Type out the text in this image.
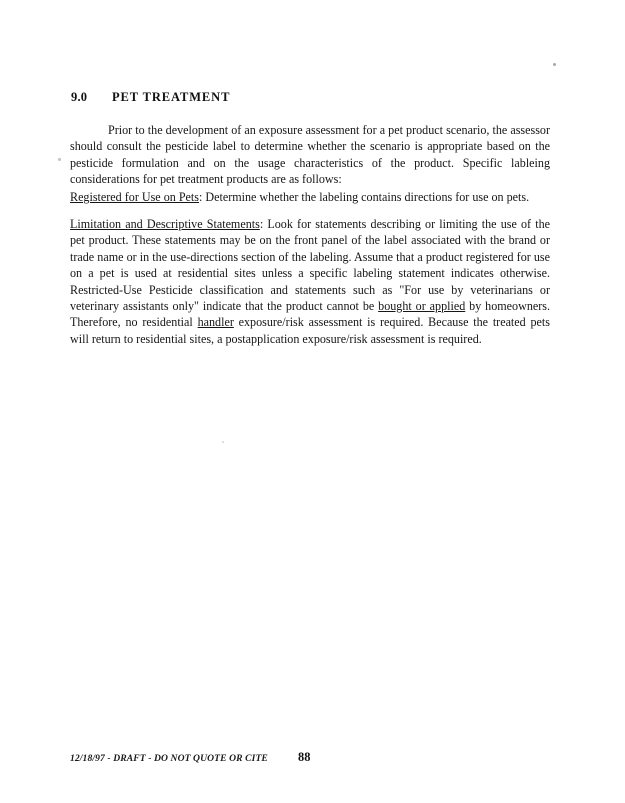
9.0 PET TREATMENT
Prior to the development of an exposure assessment for a pet product scenario, the assessor should consult the pesticide label to determine whether the scenario is appropriate based on the pesticide formulation and on the usage characteristics of the product. Specific lableing considerations for pet treatment products are as follows:
Registered for Use on Pets: Determine whether the labeling contains directions for use on pets.
Limitation and Descriptive Statements: Look for statements describing or limiting the use of the pet product. These statements may be on the front panel of the label associated with the brand or trade name or in the use-directions section of the labeling. Assume that a product registered for use on a pet is used at residential sites unless a specific labeling statement indicates otherwise. Restricted-Use Pesticide classification and statements such as "For use by veterinarians or veterinary assistants only" indicate that the product cannot be bought or applied by homeowners. Therefore, no residential handler exposure/risk assessment is required. Because the treated pets will return to residential sites, a postapplication exposure/risk assessment is required.
12/18/97 - DRAFT - DO NOT QUOTE OR CITE 88
